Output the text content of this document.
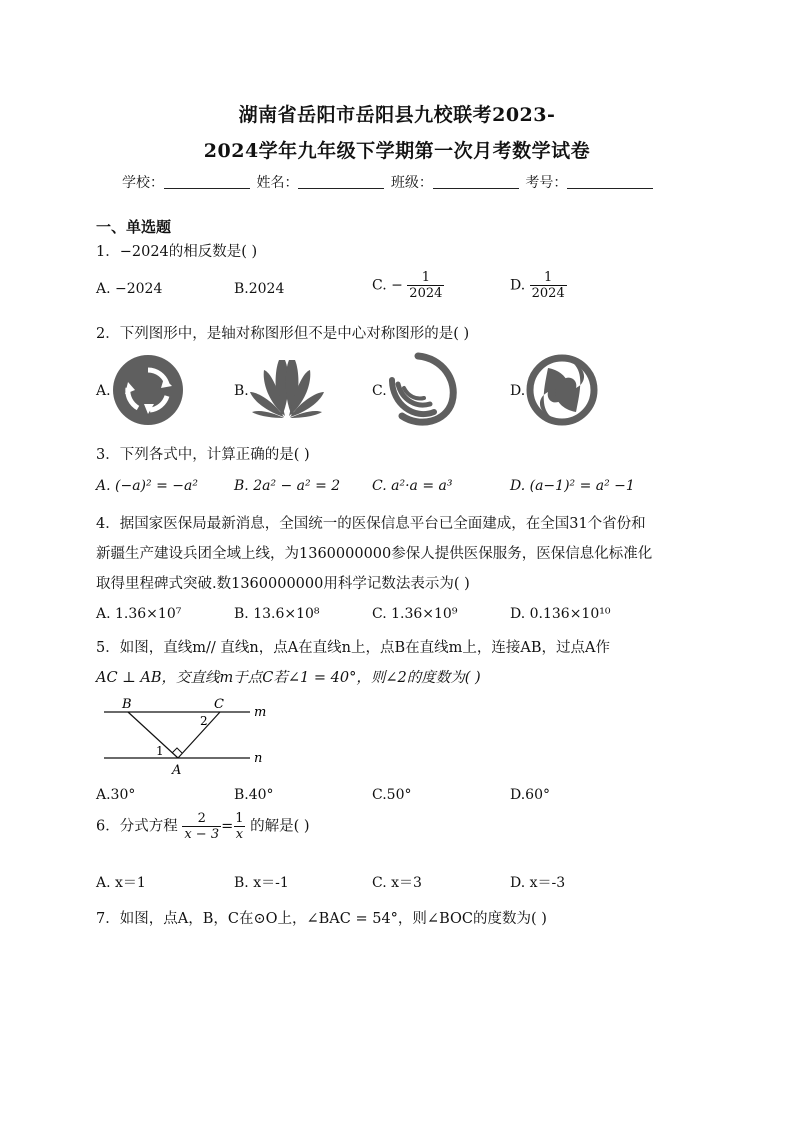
湖南省岳阳市岳阳县九校联考2023-
2024学年九年级下学期第一次月考数学试卷
学校：	姓名：	班级：	考号：
一、单选题
1．−2024的相反数是( )
A. −2024	B.2024	C. − $\frac{1}{2024}$	D. $\frac{1}{2024}$
2．下列图形中，是轴对称图形但不是中心对称图形的是( )
A.	B.	C.	D.
3．下列各式中，计算正确的是( )
A. (−a)² = −a²	B. 2a² − a² = 2 C. a²·a = a³	D. (a−1)² = a² −1
4．据国家医保局最新消息，全国统一的医保信息平台已全面建成，在全国31个省份和
新疆生产建设兵团全域上线，为1360000000参保人提供医保服务，医保信息化标准化
取得里程碑式突破.数1360000000用科学记数法表示为( )
A. 1.36×10⁷	B. 13.6×10⁸	C. 1.36×10⁹	D. 0.136×10¹⁰
5．如图，直线m// 直线n，点A在直线n上，点B在直线m上，连接AB，过点A作
AC ⊥ AB，交直线m于点C若∠1 = 40°，则∠2的度数为( )
B	C
m
n
A
1
2
A.30°	B.40°	C.50°	D.60°
6．分式方程 $\frac{2}{x - 3} = \frac{1}{x}$ 的解是( )
A. x＝1	B. x＝-1	C. x＝3	D. x＝-3
7．如图，点A，B，C在⊙O上，∠BAC = 54°，则∠BOC的度数为( )
